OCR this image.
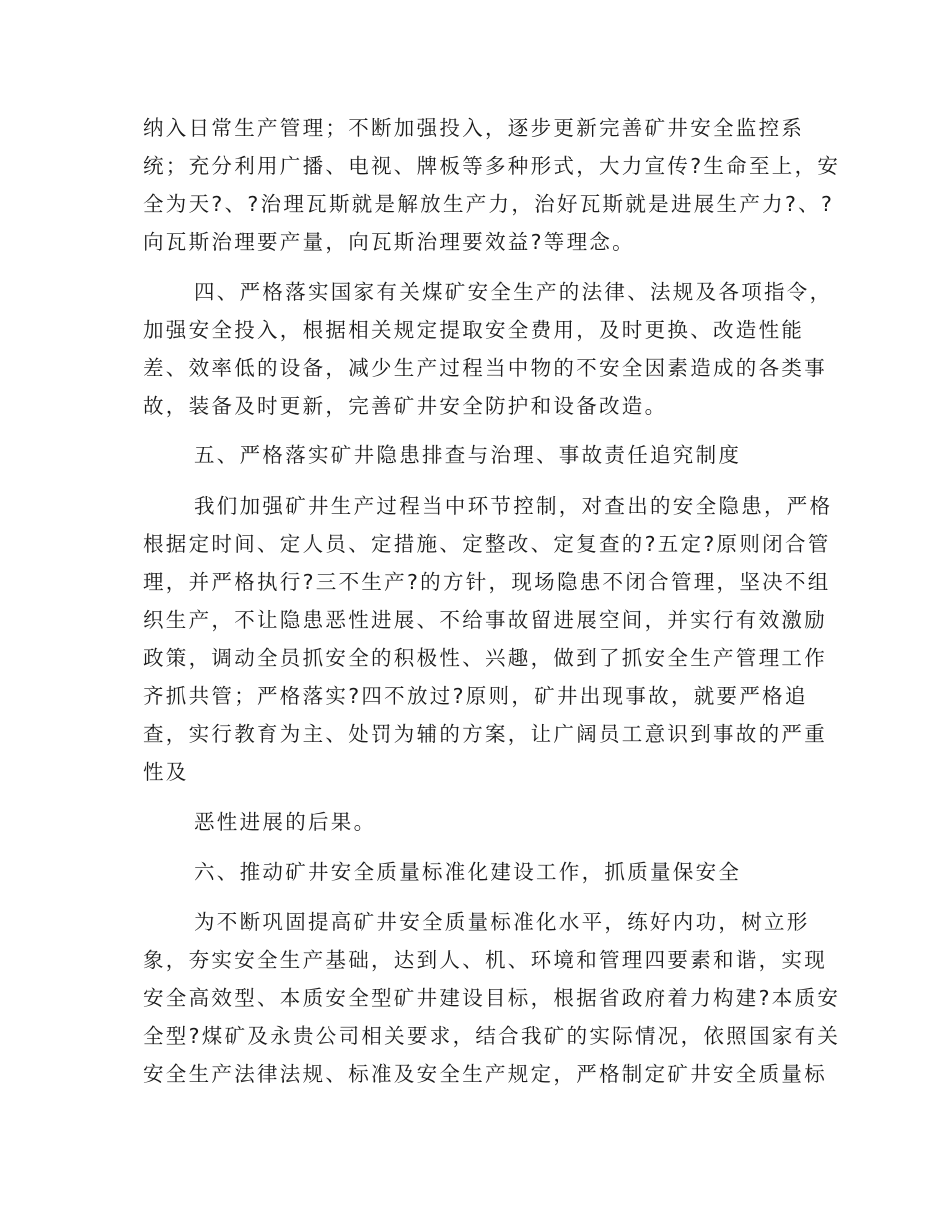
纳入日常生产管理；不断加强投入，逐步更新完善矿井安全监控系
统；充分利用广播、电视、牌板等多种形式，大力宣传?生命至上，安
全为天?、?治理瓦斯就是解放生产力，治好瓦斯就是进展生产力?、?
向瓦斯治理要产量，向瓦斯治理要效益?等理念。
四、严格落实国家有关煤矿安全生产的法律、法规及各项指令，
加强安全投入，根据相关规定提取安全费用，及时更换、改造性能
差、效率低的设备，减少生产过程当中物的不安全因素造成的各类事
故，装备及时更新，完善矿井安全防护和设备改造。
五、严格落实矿井隐患排查与治理、事故责任追究制度
我们加强矿井生产过程当中环节控制，对查出的安全隐患，严格
根据定时间、定人员、定措施、定整改、定复查的?五定?原则闭合管
理，并严格执行?三不生产?的方针，现场隐患不闭合管理，坚决不组
织生产，不让隐患恶性进展、不给事故留进展空间，并实行有效激励
政策，调动全员抓安全的积极性、兴趣，做到了抓安全生产管理工作
齐抓共管；严格落实?四不放过?原则，矿井出现事故，就要严格追
查，实行教育为主、处罚为辅的方案，让广阔员工意识到事故的严重
性及
恶性进展的后果。
六、推动矿井安全质量标准化建设工作，抓质量保安全
为不断巩固提高矿井安全质量标准化水平，练好内功，树立形
象，夯实安全生产基础，达到人、机、环境和管理四要素和谐，实现
安全高效型、本质安全型矿井建设目标，根据省政府着力构建?本质安
全型?煤矿及永贵公司相关要求，结合我矿的实际情况，依照国家有关
安全生产法律法规、标准及安全生产规定，严格制定矿井安全质量标
